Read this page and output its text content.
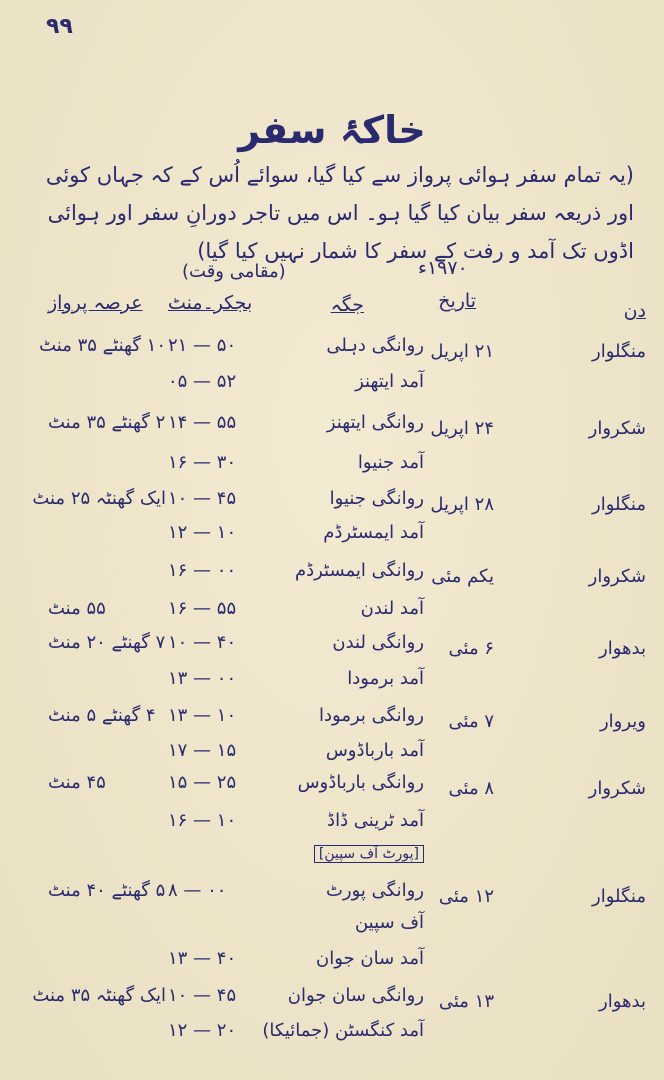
۹۹
خاکۂ سفر
(یہ تمام سفر ہوائی پرواز سے کیا گیا، سوائے اُس کے کہ جہاں کوئی اور ذریعہ سفر بیان کیا گیا ہو۔ اس میں تاجر دورانِ سفر اور ہوائی اڈوں تک آمد و رفت کے سفر کا شمار نہیں کیا گیا)
۱۹۷۰ء
(مقامی وقت)
دن
تاریخ
جگہ
بجکر۔منٹ
عرصہ پرواز
منگلوار
۲۱ اپریل
روانگی دہلی
۲۱ — ۵۰
۱۰ گھنٹے ۳۵ منٹ
آمد ایتھنز
۰۵ — ۵۲
شکروار
۲۴ اپریل
روانگی ایتھنز
۱۴ — ۵۵
۲ گھنٹے ۳۵ منٹ
آمد جنیوا
۱۶ — ۳۰
منگلوار
۲۸ اپریل
روانگی جنیوا
۱۰ — ۴۵
ایک گھنٹہ ۲۵ منٹ
آمد ایمسٹرڈم
۱۲ — ۱۰
شکروار
یکم مئی
روانگی ایمسٹرڈم
۱۶ — ۰۰
آمد لندن
۱۶ — ۵۵
۵۵ منٹ
بدھوار
۶ مئی
روانگی لندن
۱۰ — ۴۰
۷ گھنٹے ۲۰ منٹ
آمد برمودا
۱۳ — ۰۰
ویروار
۷ مئی
روانگی برمودا
۱۳ — ۱۰
۴ گھنٹے ۵ منٹ
آمد بارباڈوس
۱۷ — ۱۵
شکروار
۸ مئی
روانگی بارباڈوس
۱۵ — ۲۵
۴۵ منٹ
آمد ٹرینی ڈاڈ
۱۶ — ۱۰
[پورٹ آف سپین]
منگلوار
۱۲ مئی
روانگی پورٹ
۸ — ۰۰
۵ گھنٹے ۴۰ منٹ
آف سپین
آمد سان جوان
۱۳ — ۴۰
بدھوار
۱۳ مئی
روانگی سان جوان
۱۰ — ۴۵
ایک گھنٹہ ۳۵ منٹ
آمد کنگسٹن (جمائیکا)
۱۲ — ۲۰
